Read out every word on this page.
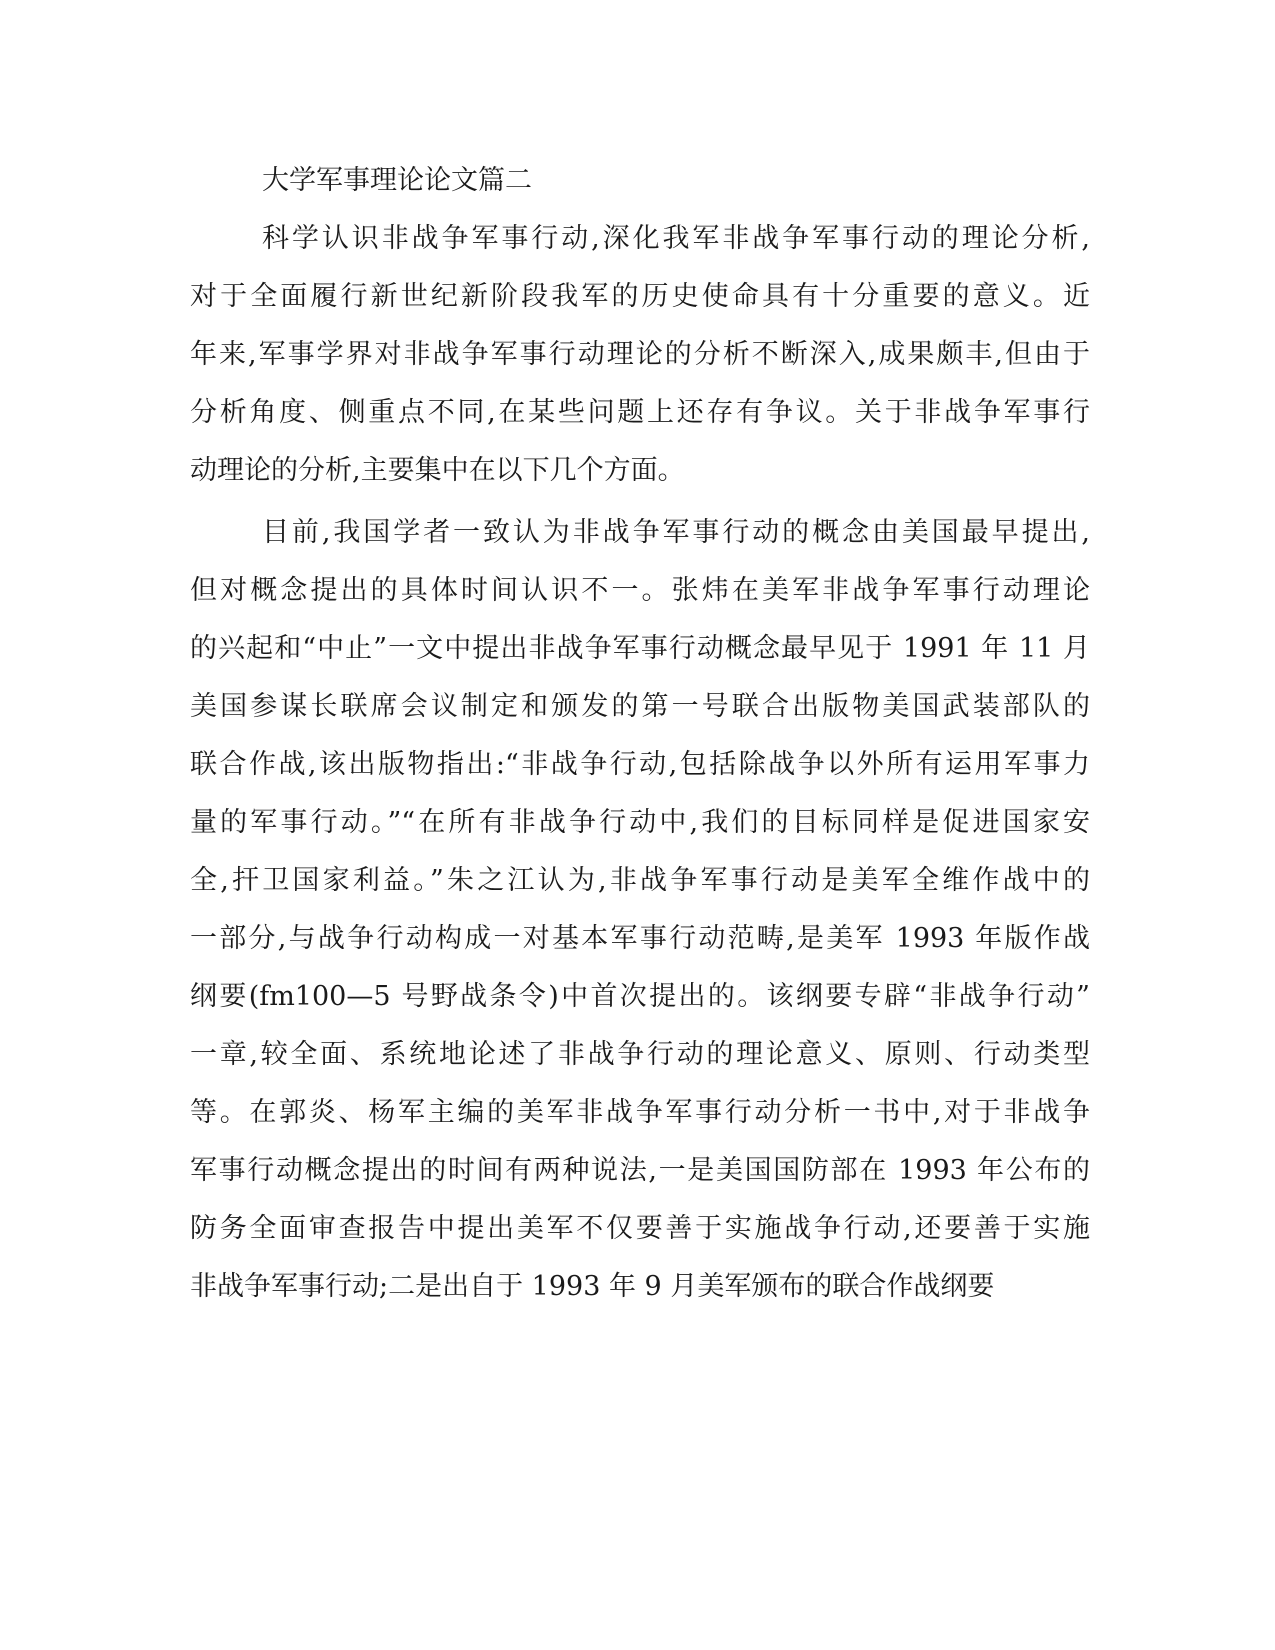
大学军事理论论文篇二
科学认识非战争军事行动,深化我军非战争军事行动的理论分析,
对于全面履行新世纪新阶段我军的历史使命具有十分重要的意义。近
年来,军事学界对非战争军事行动理论的分析不断深入,成果颇丰,但由于
分析角度、侧重点不同,在某些问题上还存有争议。关于非战争军事行
动理论的分析,主要集中在以下几个方面。
目前,我国学者一致认为非战争军事行动的概念由美国最早提出,
但对概念提出的具体时间认识不一。张炜在美军非战争军事行动理论
的兴起和“中止”一文中提出非战争军事行动概念最早见于 1991 年 11 月
美国参谋长联席会议制定和颁发的第一号联合出版物美国武装部队的
联合作战,该出版物指出:“非战争行动,包括除战争以外所有运用军事力
量的军事行动。”“在所有非战争行动中,我们的目标同样是促进国家安
全,扞卫国家利益。”朱之江认为,非战争军事行动是美军全维作战中的
一部分,与战争行动构成一对基本军事行动范畴,是美军 1993 年版作战
纲要(fm100—5 号野战条令)中首次提出的。该纲要专辟“非战争行动”
一章,较全面、系统地论述了非战争行动的理论意义、原则、行动类型
等。在郭炎、杨军主编的美军非战争军事行动分析一书中,对于非战争
军事行动概念提出的时间有两种说法,一是美国国防部在 1993 年公布的
防务全面审查报告中提出美军不仅要善于实施战争行动,还要善于实施
非战争军事行动;二是出自于 1993 年 9 月美军颁布的联合作战纲要
